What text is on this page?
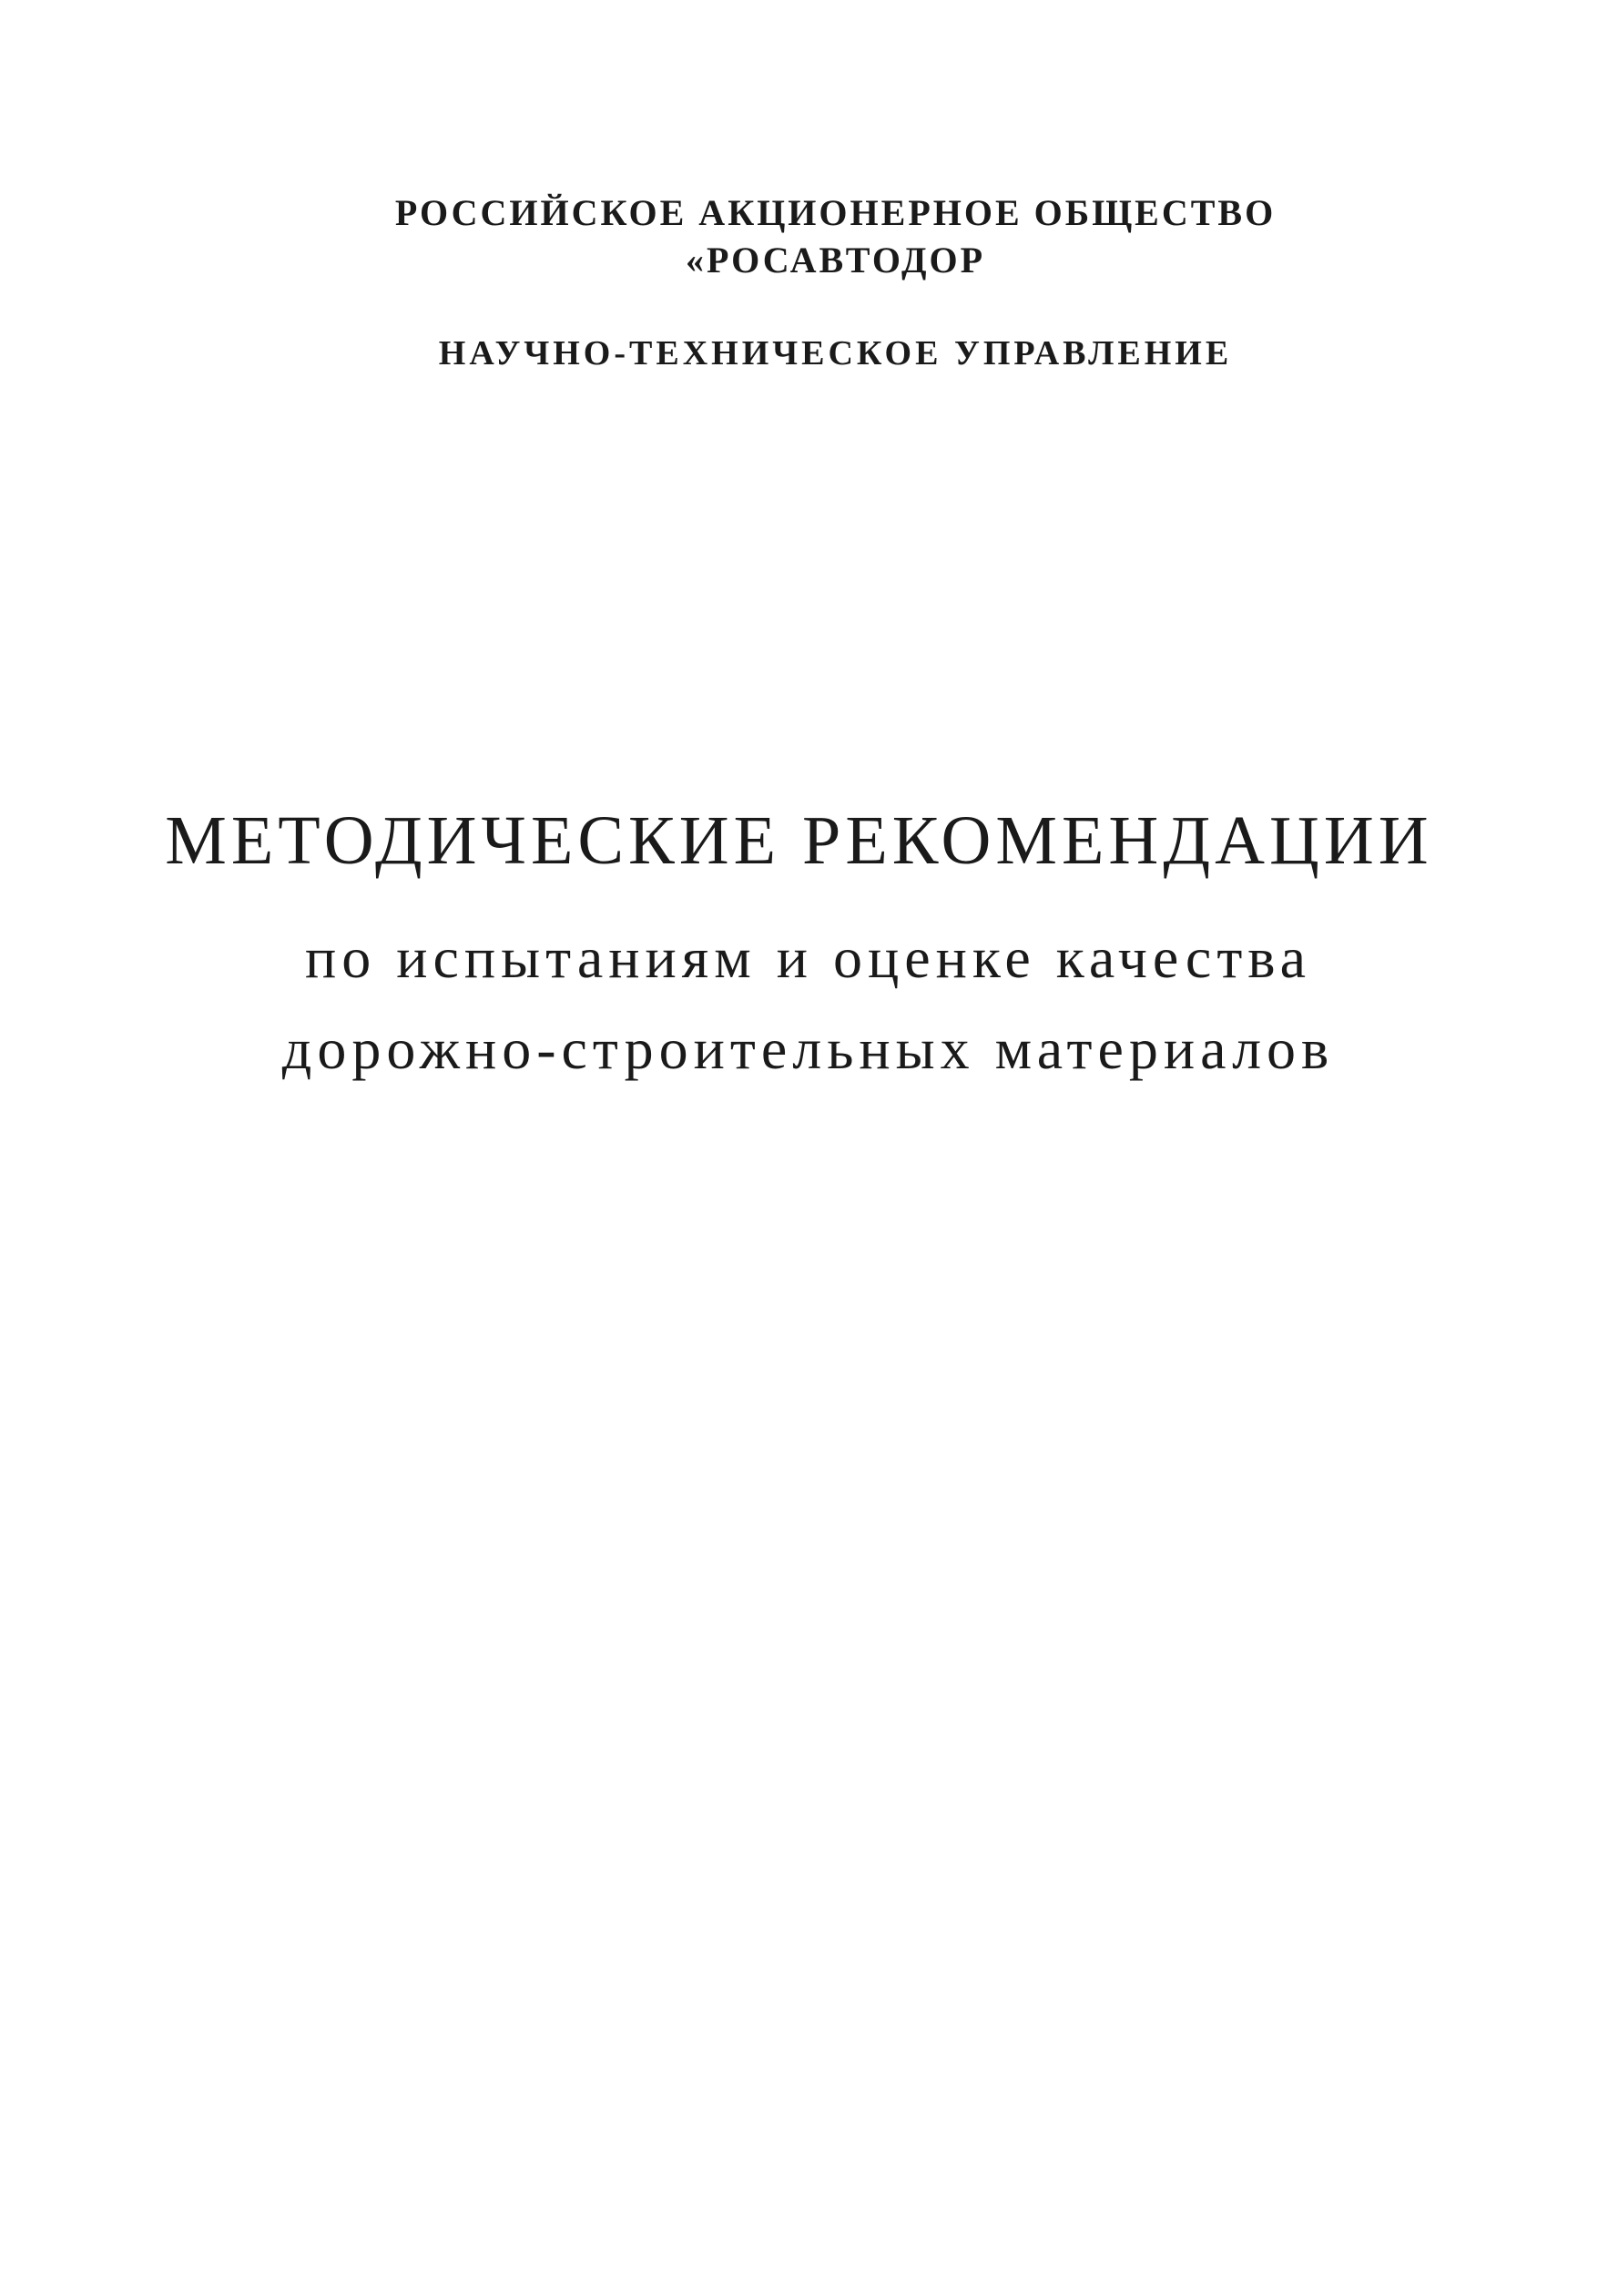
РОССИЙСКОЕ АКЦИОНЕРНОЕ ОБЩЕСТВО
«РОСАВТОДОР
НАУЧНО-ТЕХНИЧЕСКОЕ УПРАВЛЕНИЕ
МЕТОДИЧЕСКИЕ РЕКОМЕНДАЦИИ
по испытаниям и оценке качества
дорожно-строительных материалов
